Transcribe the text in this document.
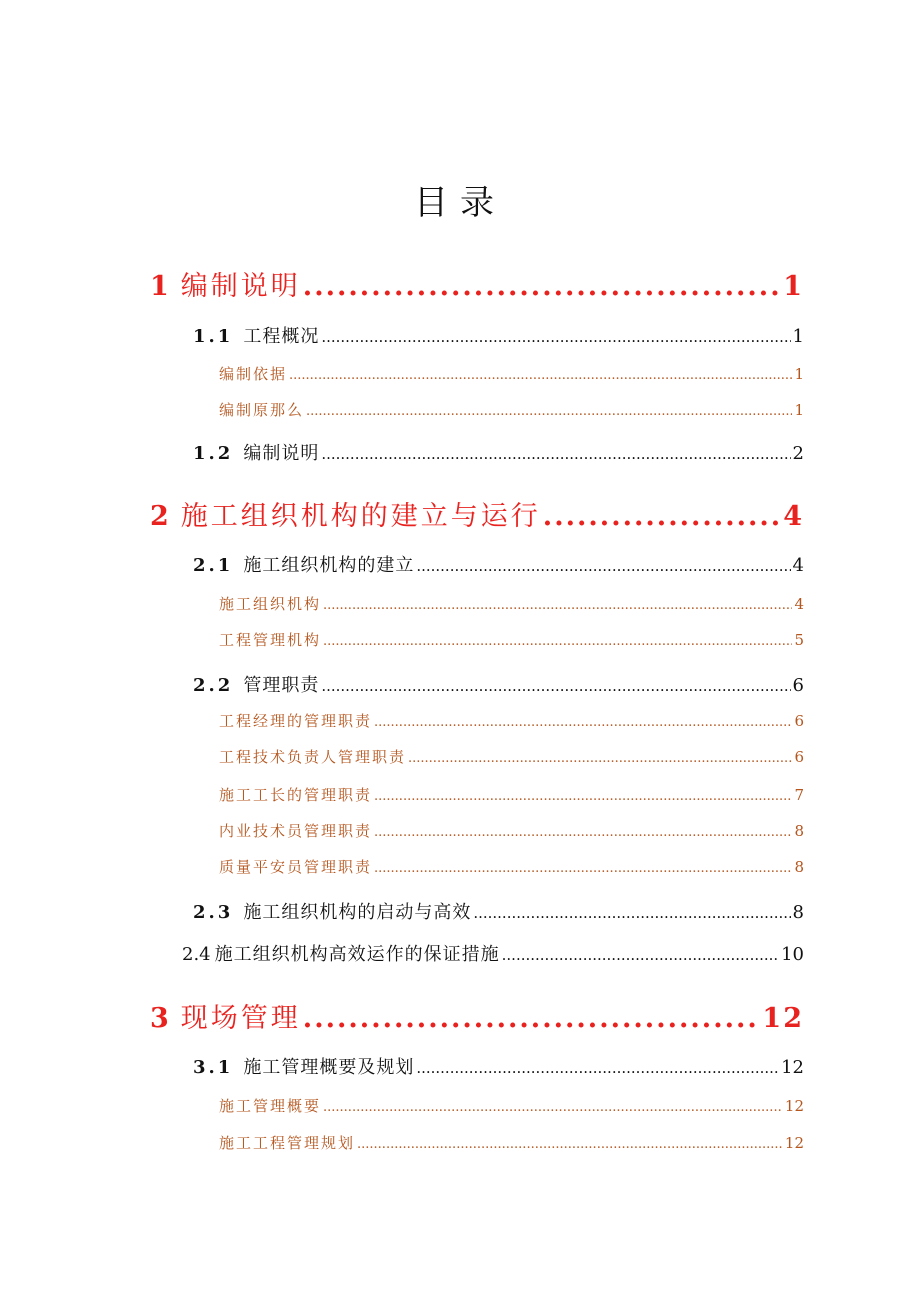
目录
1 编制说明 .....	1
1.1 工程概况 .....	1
编制依据 .....	1
编制原那么 .....	1
1.2 编制说明 .....	2
2 施工组织机构的建立与运行 .....	4
2.1 施工组织机构的建立 .....	4
施工组织机构 .....	4
工程管理机构 .....	5
2.2 管理职责 .....	6
工程经理的管理职责 .....	6
工程技术负责人管理职责 .....	6
施工工长的管理职责 .....	7
内业技术员管理职责 .....	8
质量平安员管理职责 .....	8
2.3 施工组织机构的启动与高效 .....	8
2.4 施工组织机构高效运作的保证措施 .....	10
3 现场管理 .....	12
3.1 施工管理概要及规划 .....	12
施工管理概要 .....	12
施工工程管理规划 .....	12
